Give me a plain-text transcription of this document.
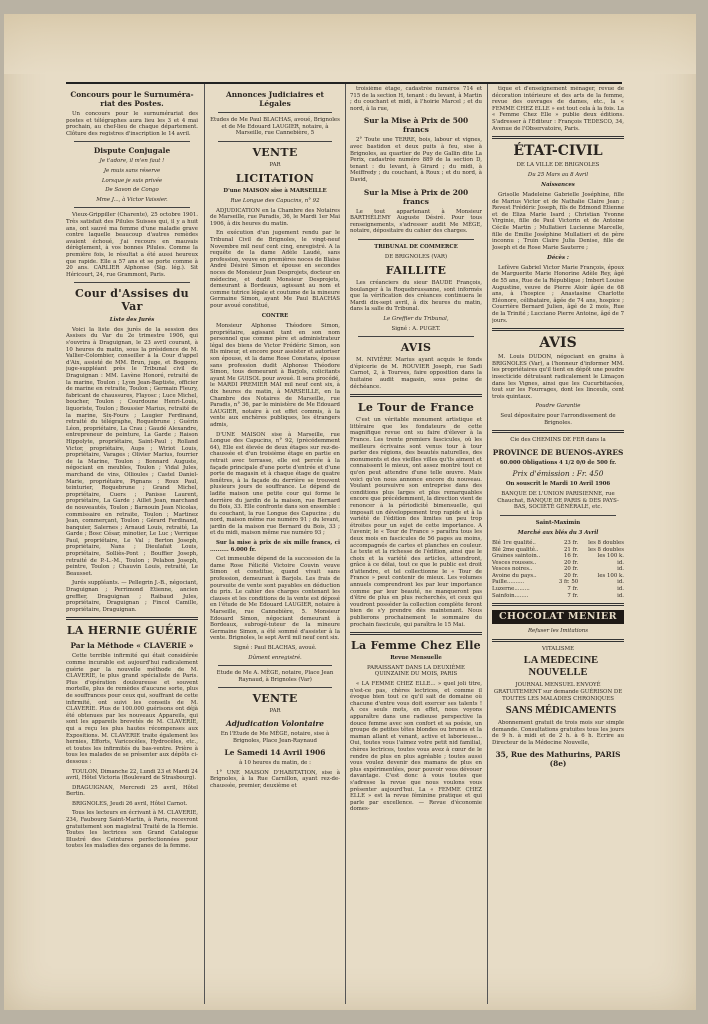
Concours pour le Surnuméra-riat des Postes.

Un concours pour le surnumérariat des postes et télégraphes aura lieu les 3 et 4 mai prochain, au chef-lieu de chaque département. Clôture des registres d'inscription le 14 avril.

Dispute Conjugale

Je t'adore, il m'en faut !

Je muis sans réserve

Lorsque je suis privée

De Savon de Congo

Mme J..., à Victor Vaissier.

Vieux-Grippiller (Charente), 25 octobre 1901. Très satisfait des Pilules Suisses qui, il y a huit ans, ont sauvé ma femme d'une maladie grave contre laquelle beaucoup d'autres remèdes avaient échoué, j'ai recours en mauvais dérèglement, à vos bonnes Pilules. Comme la première fois, le résultat a été aussi heureux que rapide. Elle a 57 ans et se porte comme à 20 ans. CARLIER Alphonse (Sig. lég.). Sit Héricourt, 24, rue Grammont, Paris.

Cour d'Assises du Var

Liste des Jurés

Voici la liste des jurés de la session des Assises du Var du 2e trimestre 1906, qui s'ouvrira à Draguignan, le 23 avril courant, à 10 heures du matin, sous la présidence de M. Vallier-Colombier, conseiller à la Cour d'appel d'Aix, assisté de MM. Brun, juge, et Boggero, juge-suppléant près le Tribunal civil de Draguignan : MM. Lavène Honoré, retraité de la marine, Toulon ; Lyon Jean-Baptiste, officier de marine en retraite, Toulon ; Germain Fleury, fabricant de chaussures, Flayosc ; Luce Michel, boucher, Toulon ; Courdoune Henri-Louis, liquoriste, Toulon ; Boussier Marius, retraité de la marine, Six-Fours ; Laugier Ferdinand, retraité du télégraphe, Roquebrune ; Guérin Léon, propriétaire, La Crau ; Gaudé Alexandre, entrepreneur de peinture, La Garde ; Raison Hippolyte, propriétaire, Saint-Paul ; Rolland Victor, propriétaire, Aups ; Wiriot Louis, propriétaire, Varages ; Olivier Marius, fourrier de la Marine, Toulon ; Bonnard Auguste, négociant en meubles, Toulon ; Vidal Jules, marchand de vins, Ollioules ; Castel Daniel-Marie, propriétaire, Pignans ; Roux Paul, teinturier, Roquebrune ; Grand Michel, propriétaire, Cuers ; Panisse Laurent, propriétaire, La Garde ; Aillet Jean, marchand de nouveautés, Toulon ; Barnouin Jean Nicolas, commissaire en retraite, Toulon ; Martinez Jean, commerçant, Toulon ; Gérard Ferdinand, banquier, Salernes ; Arnaud Louis, retraité, La Garde ; Bosc César, minotier, Le Luc ; Verrique Paul, propriétaire, Le Val ; Berton Joseph, propriétaire, Nans ; Dieulafait Louis, propriétaire, Solliès-Pont ; Bouffier Joseph, retraité de P.-L.-M., Toulon ; Pelabon Joseph, peintre, Toulon ; Chauvin Louis, retraité, Le Beausset.

Jurés suppléants. — Pellegrin J.-B., négociant, Draguignan ; Perrimond Etienne, ancien greffier, Draguignan ; Raibaud Jules, propriétaire, Draguignan ; Fincol Camille, propriétaire, Draguignan.

LA HERNIE GUÉRIE

Par la Méthode « CLAVERIE »

Cette terrible infirmité qui était considérée comme incurable est aujourd'hui radicalement guérie par la nouvelle méthode de M. CLAVERIE, le plus grand spécialiste de Paris. Plus d'opération douloureuse et souvent mortelle, plus de remèdes d'aucune sorte, plus de souffrances pour ceux qui, souffrant de cette infirmité, ont suivi les conseils de M. CLAVERIE. Plus de 100.000 guérisons ont déjà été obtenues par les nouveaux Appareils, qui sont les appareils brevetés de M. CLAVERIE, qui a reçu les plus hautes récompenses aux Expositions. M. CLAVERIE traite également les hernies, Efforts, Varicocèles, Hydrocèles, etc., et toutes les infirmités du bas-ventre. Prière à tous les malades de se présenter aux dépôts ci-dessous :

TOULON, Dimanche 22, Lundi 23 et Mardi 24 avril, Hôtel Victoria (Boulevard de Strasbourg).

DRAGUIGNAN, Mercredi 25 avril, Hôtel Bertin.

BRIGNOLES, Jeudi 26 avril, Hôtel Carnot.

Tous les lecteurs en écrivant à M. CLAVERIE, 234, Faubourg Saint-Martin, à Paris, recevront gratuitement son magistral Traité de la Hernie. Toutes les lectrices son Grand Catalogue Illustré des Ceintures perfectionnées pour toutes les maladies des organes de la femme.

Annonces Judiciaires et Légales

Etudes de Me Paul BLACHAS, avoué, Brignoles et de Me Edouard LAUGIER, notaire, à Marseille, rue Cannebière, 5

VENTE

PAR

LICITATION

D'une MAISON sise à MARSEILLE

Rue Longue des Capucins, n° 92

ADJUDICATION en la Chambre des Notaires de Marseille, rue Paradis, 36, le Mardi 1er Mai 1906, à dix heures du matin.

En exécution d'un jugement rendu par le Tribunal Civil de Brignoles, le vingt-neuf Novembre mil neuf cent cinq, enregistré. A la requête de la dame Adèle Laudé, sans profession, veuve en premières noces de Blaise André Désiré Simon et épouse en secondes noces de Monsieur Jean Desprojets, docteur en médecine, et dudit Monsieur Desprojets, demeurant à Bordeaux, agissant au nom et comme tutrice légale et coutume de la mineure Germaine Simon, ayant Me Paul BLACHAS pour avoué constitué,

CONTRE

Monsieur Alphonse Théodore Simon, propriétaire, agissant tant en son nom personnel que comme père et administrateur légal des biens de Victor Frédéric Simon, son fils mineur, et encore pour assister et autoriser son épouse, et la dame Rose Constans, épouse sans profession dudit Alphonse Théodore Simon, tous demeurant à Barjols, colicitants ayant Me GUISOL pour avoué. Il sera procédé, le MARDI PREMIER MAI mil neuf cent six, à dix heures du matin, à MARSEILLE, en la Chambre des Notaires de Marseille, rue Paradis, n° 36, par le ministère de Me Edouard LAUGIER, notaire à cet effet commis, à la vente aux enchères publiques, les étrangers admis,

D'UNE MAISON sise à Marseille, rue Longue des Capucins, n° 92, (précédemment 64), Elle est élevée de deux étages sur rez-de-chaussée et d'un troisième étage en partie en retrait avec terrasse, elle est percée à la façade principale d'une porte d'entrée et d'une porte de magasin et à chaque étage de quatre fenêtres, à la façade du derrière se trouvent plusieurs jours de souffrance. Le dépend de ladite maison une petite cour qui forme le derrière du jardin de la maison, rue Bernard du Bois, 33. Elle confronte dans son ensemble : du couchant, la rue Longue des Capucins ; du nord, maison même rue numéro 91 ; du levant, jardin de la maison rue Bernard du Bois, 33 ; et du midi, maison même rue numéro 93 ;

Sur la mise à prix de six mille francs, ci .......... 6.000 fr.

Cet immeuble dépend de la succession de la dame Rose Félicité Victoire Couvin veuve Simon et constitue, quand vivait sans profession, demeurant à Barjols. Les frais de poursuite de vente sont payables en déduction du prix. Le cahier des charges contenant les clauses et les conditions de la vente est déposé en l'étude de Me Edouard LAUGIER, notaire à Marseille, rue Cannebière, 5. Monsieur Edouard Simon, négociant demeurant à Bordeaux, subrogé-tuteur de la mineure Germaine Simon, a été sommé d'assister à la vente. Brignoles, le sept Avril mil neuf cent six.

Signé : Paul BLACHAS, avoué.

Dûment enregistré.

Etude de Me A. MÈGE, notaire, Place Jean Raynaud, à Brignoles (Var)

VENTE

PAR

Adjudication Volontaire

En l'Etude de Me MÈGE, notaire, sise à Brignoles, Place Jean-Raynaud

Le Samedi 14 Avril 1906

à 10 heures du matin, de :

1° UNE MAISON D'HABITATION, sise à Brignoles, à la Rue Carnillon, ayant rez-de-chaussée, premier, deuxième et

troisième étage, cadastrée numéros 714 et 715 de la section H, tenant : du levant, à Martin ; du couchant et midi, à l'hoirie Marcel ; et du nord, à la rue,

Sur la Mise à Prix de 500 francs

2° Toute une TERRE, bois, labour et vignes, avec bastidon et deux puits à feu, sise à Brignoles, au quartier de Puy de Gallin dite La Perix, cadastrée numéro 889 de la section D, tenant : du levant, à Girard ; du midi, à Meiffredy ; du couchant, à Roux ; et du nord, à David,

Sur la Mise à Prix de 200 francs

Le tout appartenant à Monsieur BARTHÉLEMY Auguste Désiré. Pour tous renseignements, s'adresser audit Me MÈGE, notaire, dépositaire du cahier des charges.

TRIBUNAL DE COMMERCE

DE BRIGNOLES (VAR)

FAILLITE

Les créanciers du sieur BAUDE François, boulanger à la Roquebrussanne, sont informés que la vérification des créances continuera le Mardi dix-sept avril, à dix heures du matin, dans la salle du Tribunal.

Le Greffier du Tribunal,

Signé : A. PUGET.

AVIS

M. NIVIÈRE Marius ayant acquis le fonds d'épicerie de M. ROUVIER Joseph, rue Sadi Carnot, 2, à Tourves, faire opposition dans la huitaine audit magasin, sous peine de déchéance.

Le Tour de France

C'est un véritable monument artistique et littéraire que les fondateurs de cette magnifique revue ont su faire d'élever à la France. Les trente premiers fascicules, où les meilleurs écrivains sont venus tour à tour parler des régions, des beautés naturelles, des monuments et des vieilles villes qu'ils aiment et connaissent le mieux, ont assez montré tout ce qu'on peut attendre d'une telle œuvre. Mais voici qu'on nous annonce encore du nouveau. Voulant poursuivre son entreprise dans des conditions plus larges et plus remarquables encore que précédemment, la direction vient de renoncer à la périodicité bimensuelle, qui imposait un développement trop rapide et à la variété de l'édition des limites un peu trop étroites pour un sujet de cette importance. A l'avenir, le « Tour de France » paraîtra tous les deux mois en fascicules de 56 pages au moins, accompagnés de cartes et planches en couleur. Le texte et la richesse de l'édition, ainsi que le choix et la variété des articles, attendront, grâce à ce délai, tout ce que le public est droit d'attendre, et tel collectionne le « Tour de France » peut contenir de mieux. Les volumes annuels comprendront les par leur importance comme par leur beauté, ne manqueront pas d'être de plus en plus recherchés, et ceux qui voudront posséder la collection complète feront bien de s'y prendre dès maintenant. Nous publierons prochainement le sommaire du prochain fascicule, qui paraîtra le 15 Mai.

La Femme Chez Elle

Revue Mensuelle

PARAISSANT DANS LA DEUXIÈME QUINZAINE DU MOIS, PARIS

« LA FEMME CHEZ ELLE... » quel joli titre, n'est-ce pas, chères lectrices, et comme il évoque bien tout ce qu'il sait de domaine où chacune d'entre vous doit exercer ses talents ! A ces seuls mots, en effet, nous voyons apparaître dans une radieuse perspective la douce femme avec son confort et sa poésie, un groupe de petites têtes blondes ou brunes et la maman allant et venant, active et laborieuse... Oui, toutes vous l'aimez votre petit nid familial, chères lectrices, toutes vous avez à cœur de le rendre de plus en plus agréable ; toutes aussi vous voulez devenir des mamans de plus en plus expérimentées, pour pouvoir vous dévouer davantage. C'est donc à vous toutes que s'adresse la revue que nous voulons vous présenter aujourd'hui. La « FEMME CHEZ ELLE » est la revue féminine pratique et qui parle par excellence. — Revue d'économie domes-

tique et d'enseignement ménager, revue de décoration intérieure et des arts de la femme, revue des ouvrages de dames, etc., la « FEMME CHEZ ELLE » est tout cela à la fois. La « Femme Chez Elle » publie deux éditions. S'adresser à l'Editeur : François TEDESCO, 34, Avenue de l'Observatoire, Paris.

ÉTAT-CIVIL

DE LA VILLE DE BRIGNOLES

Du 25 Mars au 8 Avril

Naissances

Grisolle Madeleine Gabrielle Joséphine, fille de Marius Victor et de Nathalie Claire Jean ; Revest Frédéric Joseph, fils de Edmond Etienne et de Eliza Marie Isard ; Christian Yvonne Virginie, fille de Paul Victorin et de Antoine Cécile Martin ; Mullatieri Lucienne Marcelle, fille de Emilie Joséphine Mullatieri et de père inconnu ; Truin Claire Julia Denise, fille de Joseph et de Rose Marie Sauterre ;

Décès :

Lefèvre Gabriel Victor Marie François, époux de Marguerite Marie Honorine Adèle Rey, âgé de 55 ans, Rue de la République ; Imbert Louise Augustine, veuve de Pierre Aloir âgée de 68 ans, à l'hospice ; Anastasine Charlotte Eléonore, célibataire, âgée de 74 ans, hospice ; Courrière Bernard Julien, âgé de 2 mois, Rue de la Trinité ; Lucciano Pierre Antoine, âgé de 7 jours.

AVIS

M. Louis DUDON, négociant en grains à BRIGNOLES (Var), a l'honneur d'informer MM. les propriétaires qu'il tient en dépôt une poudre insecticide détruisant radicalement le Limaçon dans les Vignes, ainsi que les Cucurbitacées, tout sur les Fourrages, dont les linceuls, cent trois quintaux.

Poudre Garantie

Seul dépositaire pour l'arrondissement de Brignoles.

Cie des CHEMINS DE FER dans la

PROVINCE DE BUENOS-AYRES

60.000 Obligations 4 1/2 0/0 de 500 fr.

Prix d'émission : Fr. 450

On souscrit le Mardi 10 Avril 1906

BANQUE DE L'UNION PARISIENNE, rue Chauchat, BANQUE DE PARIS & DES PAYS-BAS, SOCIÉTÉ GÉNÉRALE, etc.

Saint-Maximin

Marché aux blés du 3 Avril

Blé 1re qualité..	23 fr.	les 8 doubles
Blé 2me qualité..	21 fr.	les 8 doubles
Graines saintoin..	16 fr.	les 100 k.
Vesces rousses..	20 fr.	id.
Vesces noires..	20 fr.	id.
Avoine du pays..	20 fr.	les 100 k.
Paille..........	3 fr. 50	id.
Luzerne.........	7 fr.	id.
Sainfoin........	7 fr.	id.
CHOCOLAT MENIER

Refuser les Imitations

VITALISME

LA MEDECINE NOUVELLE

JOURNAL MENSUEL ENVOYÉ GRATUITEMENT sur demande GUÉRISON DE TOUTES LES MALADIES CHRONIQUES

SANS MÉDICAMENTS

Abonnement gratuit de trois mois sur simple demande. Consultations gratuites tous les jours de 9 h. à midi et de 2 h. à 6 h. Ecrire au Directeur de la Médecine Nouvelle,

35, Rue des Mathurins, PARIS (8e)
